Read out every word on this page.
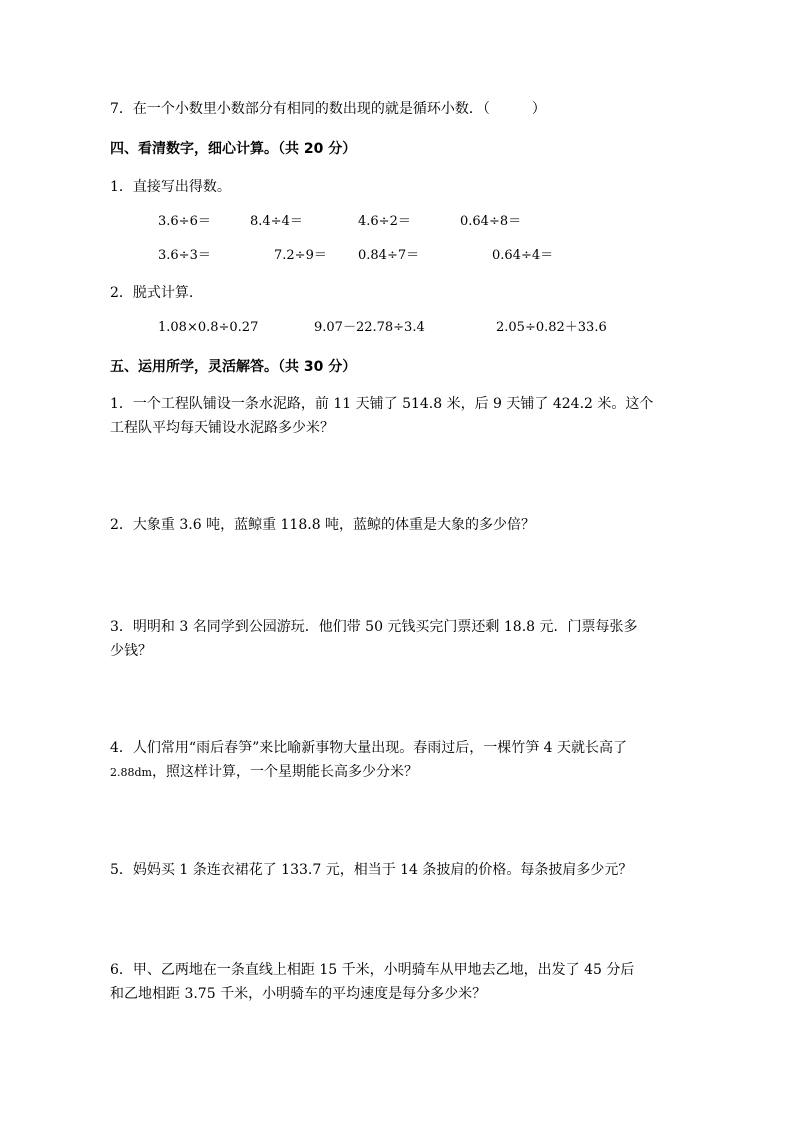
7．在一个小数里小数部分有相同的数出现的就是循环小数．（　　　）
四、看清数字，细心计算。（共 20 分）
1．直接写出得数。
3.6÷6＝	8.4÷4＝	4.6÷2＝	0.64÷8＝
3.6÷3＝	7.2÷9＝ 0.84÷7＝	0.64÷4＝
2．脱式计算.
1.08×0.8÷0.27	9.07－22.78÷3.4	2.05÷0.82＋33.6
五、运用所学，灵活解答。（共 30 分）
1．一个工程队铺设一条水泥路，前 11 天铺了 514.8 米，后 9 天铺了 424.2 米。这个
工程队平均每天铺设水泥路多少米？
2．大象重 3.6 吨，蓝鲸重 118.8 吨，蓝鲸的体重是大象的多少倍？
3．明明和 3 名同学到公园游玩．他们带 50 元钱买完门票还剩 18.8 元．门票每张多
少钱？
4．人们常用“雨后春笋”来比喻新事物大量出现。春雨过后，一棵竹笋 4 天就长高了
2.88dm，照这样计算，一个星期能长高多少分米？
5．妈妈买 1 条连衣裙花了 133.7 元，相当于 14 条披肩的价格。每条披肩多少元？
6．甲、乙两地在一条直线上相距 15 千米，小明骑车从甲地去乙地，出发了 45 分后
和乙地相距 3.75 千米，小明骑车的平均速度是每分多少米？
